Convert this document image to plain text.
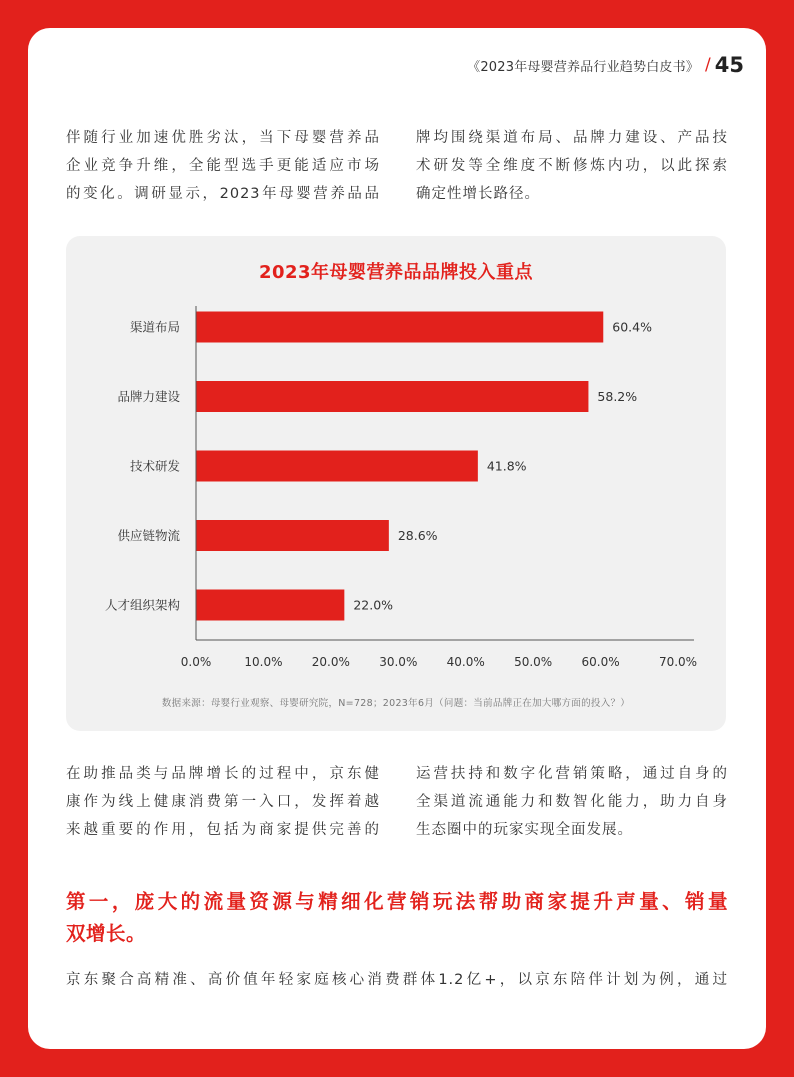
《2023年母婴营养品行业趋势白皮书》 / 45

伴随行业加速优胜劣汰，当下母婴营养品

企业竞争升维，全能型选手更能适应市场

的变化。调研显示，2023年母婴营养品品

牌均围绕渠道布局、品牌力建设、产品技

术研发等全维度不断修炼内功，以此探索

确定性增长路径。

2023年母婴营养品品牌投入重点
渠道布局	60.4%
品牌力建设	58.2%
技术研发	41.8%
供应链物流	28.6%
人才组织架构	22.0%
0.0%	10.0% 20.0% 30.0% 40.0% 50.0% 60.0%	70.0%
数据来源：母婴行业观察、母婴研究院，N=728；2023年6月（问题：当前品牌正在加大哪方面的投入？）

在助推品类与品牌增长的过程中，京东健

康作为线上健康消费第一入口，发挥着越

来越重要的作用，包括为商家提供完善的

运营扶持和数字化营销策略，通过自身的

全渠道流通能力和数智化能力，助力自身

生态圈中的玩家实现全面发展。

第一，庞大的流量资源与精细化营销玩法帮助商家提升声量、销量

双增长。

京东聚合高精准、高价值年轻家庭核心消费群体1.2亿+，以京东陪伴计划为例，通过
